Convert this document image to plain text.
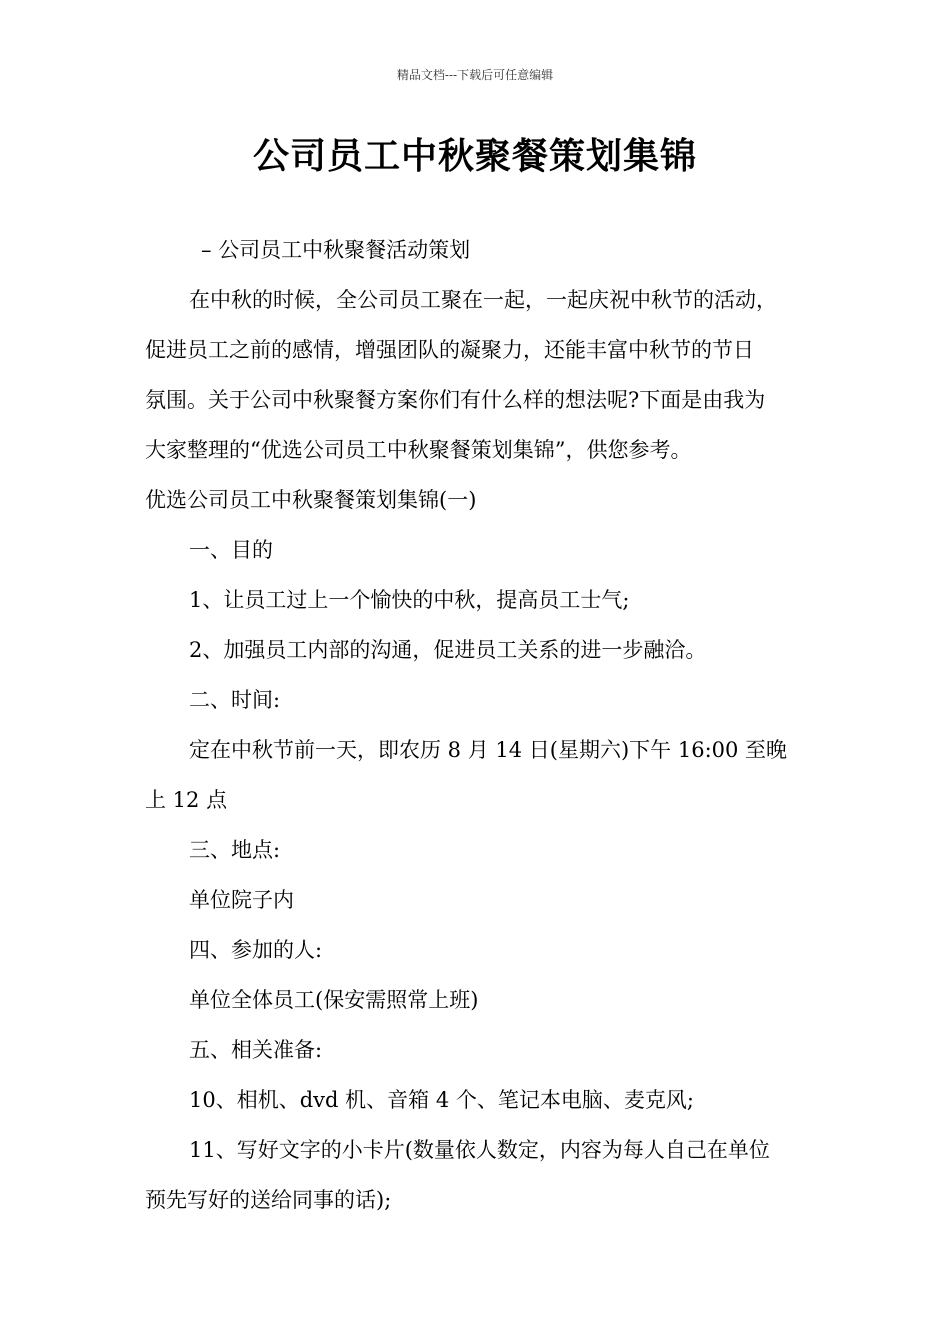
精品文档---下载后可任意编辑
公司员工中秋聚餐策划集锦

– 公司员工中秋聚餐活动策划

在中秋的时候，全公司员工聚在一起，一起庆祝中秋节的活动，

促进员工之前的感情，增强团队的凝聚力，还能丰富中秋节的节日

氛围。关于公司中秋聚餐方案你们有什么样的想法呢?下面是由我为

大家整理的“优选公司员工中秋聚餐策划集锦”，供您参考。

优选公司员工中秋聚餐策划集锦(一)

一、目的

1、让员工过上一个愉快的中秋，提高员工士气;

2、加强员工内部的沟通，促进员工关系的进一步融洽。

二、时间:

定在中秋节前一天，即农历 8 月 14 日(星期六)下午 16:00 至晚

上 12 点

三、地点:

单位院子内

四、参加的人:

单位全体员工(保安需照常上班)

五、相关准备:

10、相机、dvd 机、音箱 4 个、笔记本电脑、麦克风;

11、写好文字的小卡片(数量依人数定，内容为每人自己在单位

预先写好的送给同事的话);
